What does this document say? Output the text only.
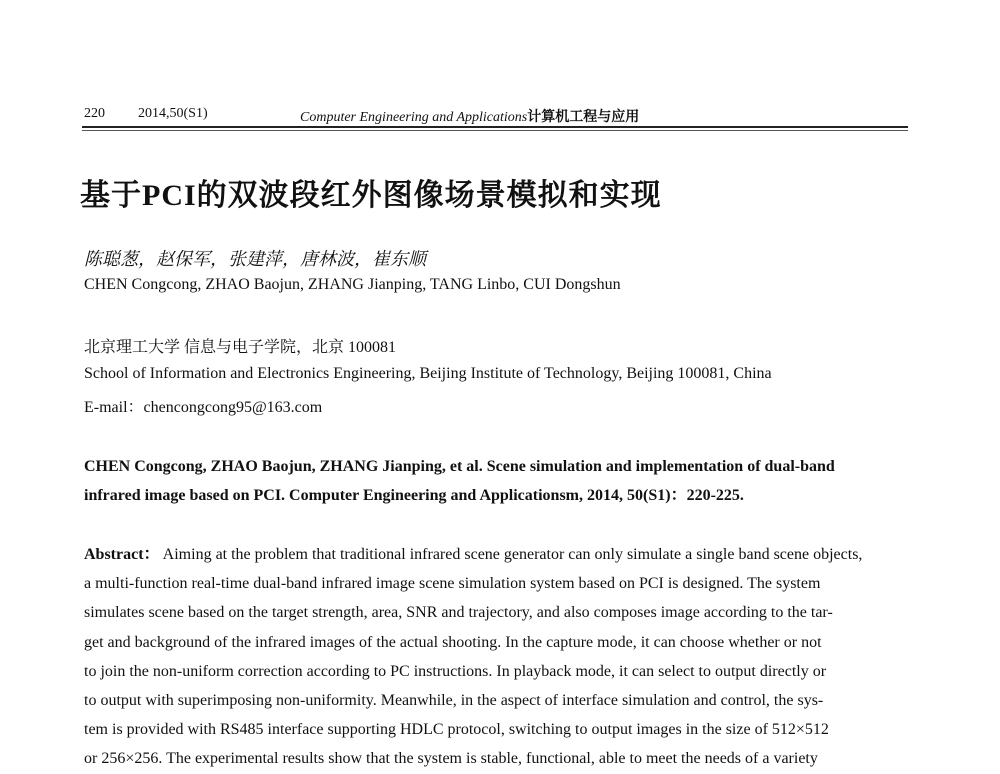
220 2014,50(S1)	Computer Engineering and Applications计算机工程与应用
基于PCI的双波段红外图像场景模拟和实现
陈聪葱，赵保军，张建萍，唐林波，崔东顺
CHEN Congcong, ZHAO Baojun, ZHANG Jianping, TANG Linbo, CUI Dongshun
北京理工大学 信息与电子学院，北京 100081
School of Information and Electronics Engineering, Beijing Institute of Technology, Beijing 100081, China
E-mail：chencongcong95@163.com
CHEN Congcong, ZHAO Baojun, ZHANG Jianping, et al. Scene simulation and implementation of dual-band
infrared image based on PCI. Computer Engineering and Applicationsm, 2014, 50(S1)：220-225.
Abstract： Aiming at the problem that traditional infrared scene generator can only simulate a single band scene objects,
a multi-function real-time dual-band infrared image scene simulation system based on PCI is designed. The system
simulates scene based on the target strength, area, SNR and trajectory, and also composes image according to the tar-
get and background of the infrared images of the actual shooting. In the capture mode, it can choose whether or not
to join the non-uniform correction according to PC instructions. In playback mode, it can select to output directly or
to output with superimposing non-uniformity. Meanwhile, in the aspect of interface simulation and control, the sys-
tem is provided with RS485 interface supporting HDLC protocol, switching to output images in the size of 512×512
or 256×256. The experimental results show that the system is stable, functional, able to meet the needs of a variety
